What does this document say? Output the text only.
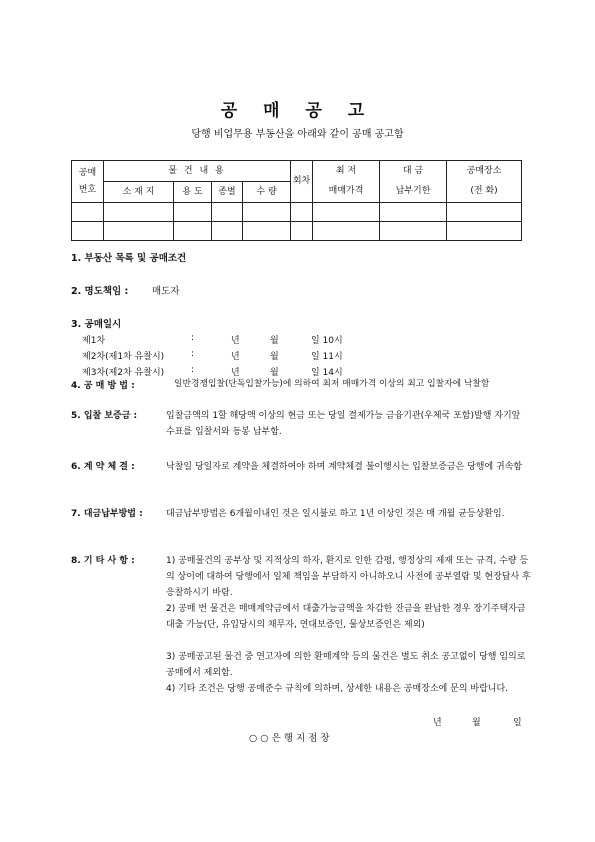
공 매 공 고
당행 비업무용 부동산을 아래와 같이 공매 공고함
공매
번호	물 건 내 용				회차	최 저	대 금	공매장소
	소 재 지	용 도	종별	수 량		매매가격	납부기한	(전 화)

1. 부동산 목록 및 공매조건
2. 명도책임 : 매도자
3. 공매일시
제1차	:	년	월	일 10시
제2차(제1차 유찰시)	:	년	월	일 11시
제3차(제2차 유찰시)	:	년	월	일 14시
4. 공 매 방 법 :	일반경쟁입찰(단독입찰가능)에 의하여 최저 매매가격 이상의 최고 입찰자에 낙찰함
5. 입찰 보증금 :	입찰금액의 1할 해당액 이상의 현금 또는 당일 결제가능 금융기관(우체국 포함)발행 자기앞 수표를 입찰서와 동봉 납부함.
6. 계 약 체 결 :	낙찰일 당일자로 계약을 체결하여야 하며 계약체결 불이행시는 입찰보증금은 당행에 귀속함
7. 대금납부방법 :	대금납부방법은 6개월이내인 것은 일시불로 하고 1년 이상인 것은 매 개월 균등상환임.
8. 기 타 사 항 :	1) 공매물건의 공부상 및 지적상의 하자, 환지로 인한 감평, 행정상의 제재 또는 규격, 수량 등의 상이에 대하여 당행에서 일체 책임을 부담하지 아니하오니 사전에 공부열람 및 현장답사 후 응찰하시기 바람.
2) 공매 번 물건은 매매계약금에서 대출가능금액을 차감한 잔금을 완납한 경우 장기주택자금대출 가능(단, 유입당시의 채무자, 연대보증인, 물상보증인은 제외)
3) 공매공고된 물건 중 연고자에 의한 환매계약 등의 물건은 별도 취소 공고없이 당행 임의로 공매에서 제외함.
4) 기타 조건은 당행 공매준수 규칙에 의하며, 상세한 내용은 공매장소에 문의 바랍니다.
년	월	일
○ ○ 은 행 지 점 장
